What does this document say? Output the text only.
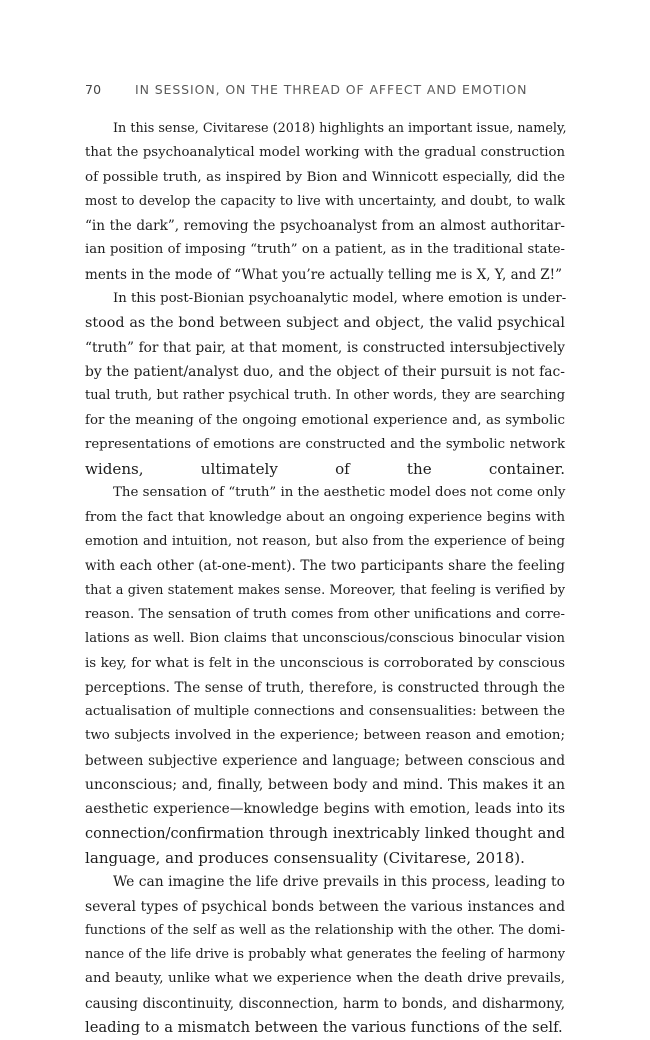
70	IN SESSION, ON THE THREAD OF AFFECT AND EMOTION
In this sense, Civitarese (2018) highlights an important issue, namely,
that the psychoanalytical model working with the gradual construction
of possible truth, as inspired by Bion and Winnicott especially, did the
most to develop the capacity to live with uncertainty, and doubt, to walk
“in the dark”, removing the psychoanalyst from an almost authoritar-
ian position of imposing “truth” on a patient, as in the traditional state-
ments in the mode of “What you’re actually telling me is X, Y, and Z!”
In this post-Bionian psychoanalytic model, where emotion is under-
stood as the bond between subject and object, the valid psychical
“truth” for that pair, at that moment, is constructed intersubjectively
by the patient/analyst duo, and the object of their pursuit is not fac-
tual truth, but rather psychical truth. In other words, they are searching
for the meaning of the ongoing emotional experience and, as symbolic
representations of emotions are constructed and the symbolic network
widens, ultimately of the container.
The sensation of “truth” in the aesthetic model does not come only
from the fact that knowledge about an ongoing experience begins with
emotion and intuition, not reason, but also from the experience of being
with each other (at-one-ment). The two participants share the feeling
that a given statement makes sense. Moreover, that feeling is verified by
reason. The sensation of truth comes from other unifications and corre-
lations as well. Bion claims that unconscious/conscious binocular vision
is key, for what is felt in the unconscious is corroborated by conscious
perceptions. The sense of truth, therefore, is constructed through the
actualisation of multiple connections and consensualities: between the
two subjects involved in the experience; between reason and emotion;
between subjective experience and language; between conscious and
unconscious; and, finally, between body and mind. This makes it an
aesthetic experience—knowledge begins with emotion, leads into its
connection/confirmation through inextricably linked thought and
language, and produces consensuality (Civitarese, 2018).
We can imagine the life drive prevails in this process, leading to
several types of psychical bonds between the various instances and
functions of the self as well as the relationship with the other. The domi-
nance of the life drive is probably what generates the feeling of harmony
and beauty, unlike what we experience when the death drive prevails,
causing discontinuity, disconnection, harm to bonds, and disharmony,
leading to a mismatch between the various functions of the self.
